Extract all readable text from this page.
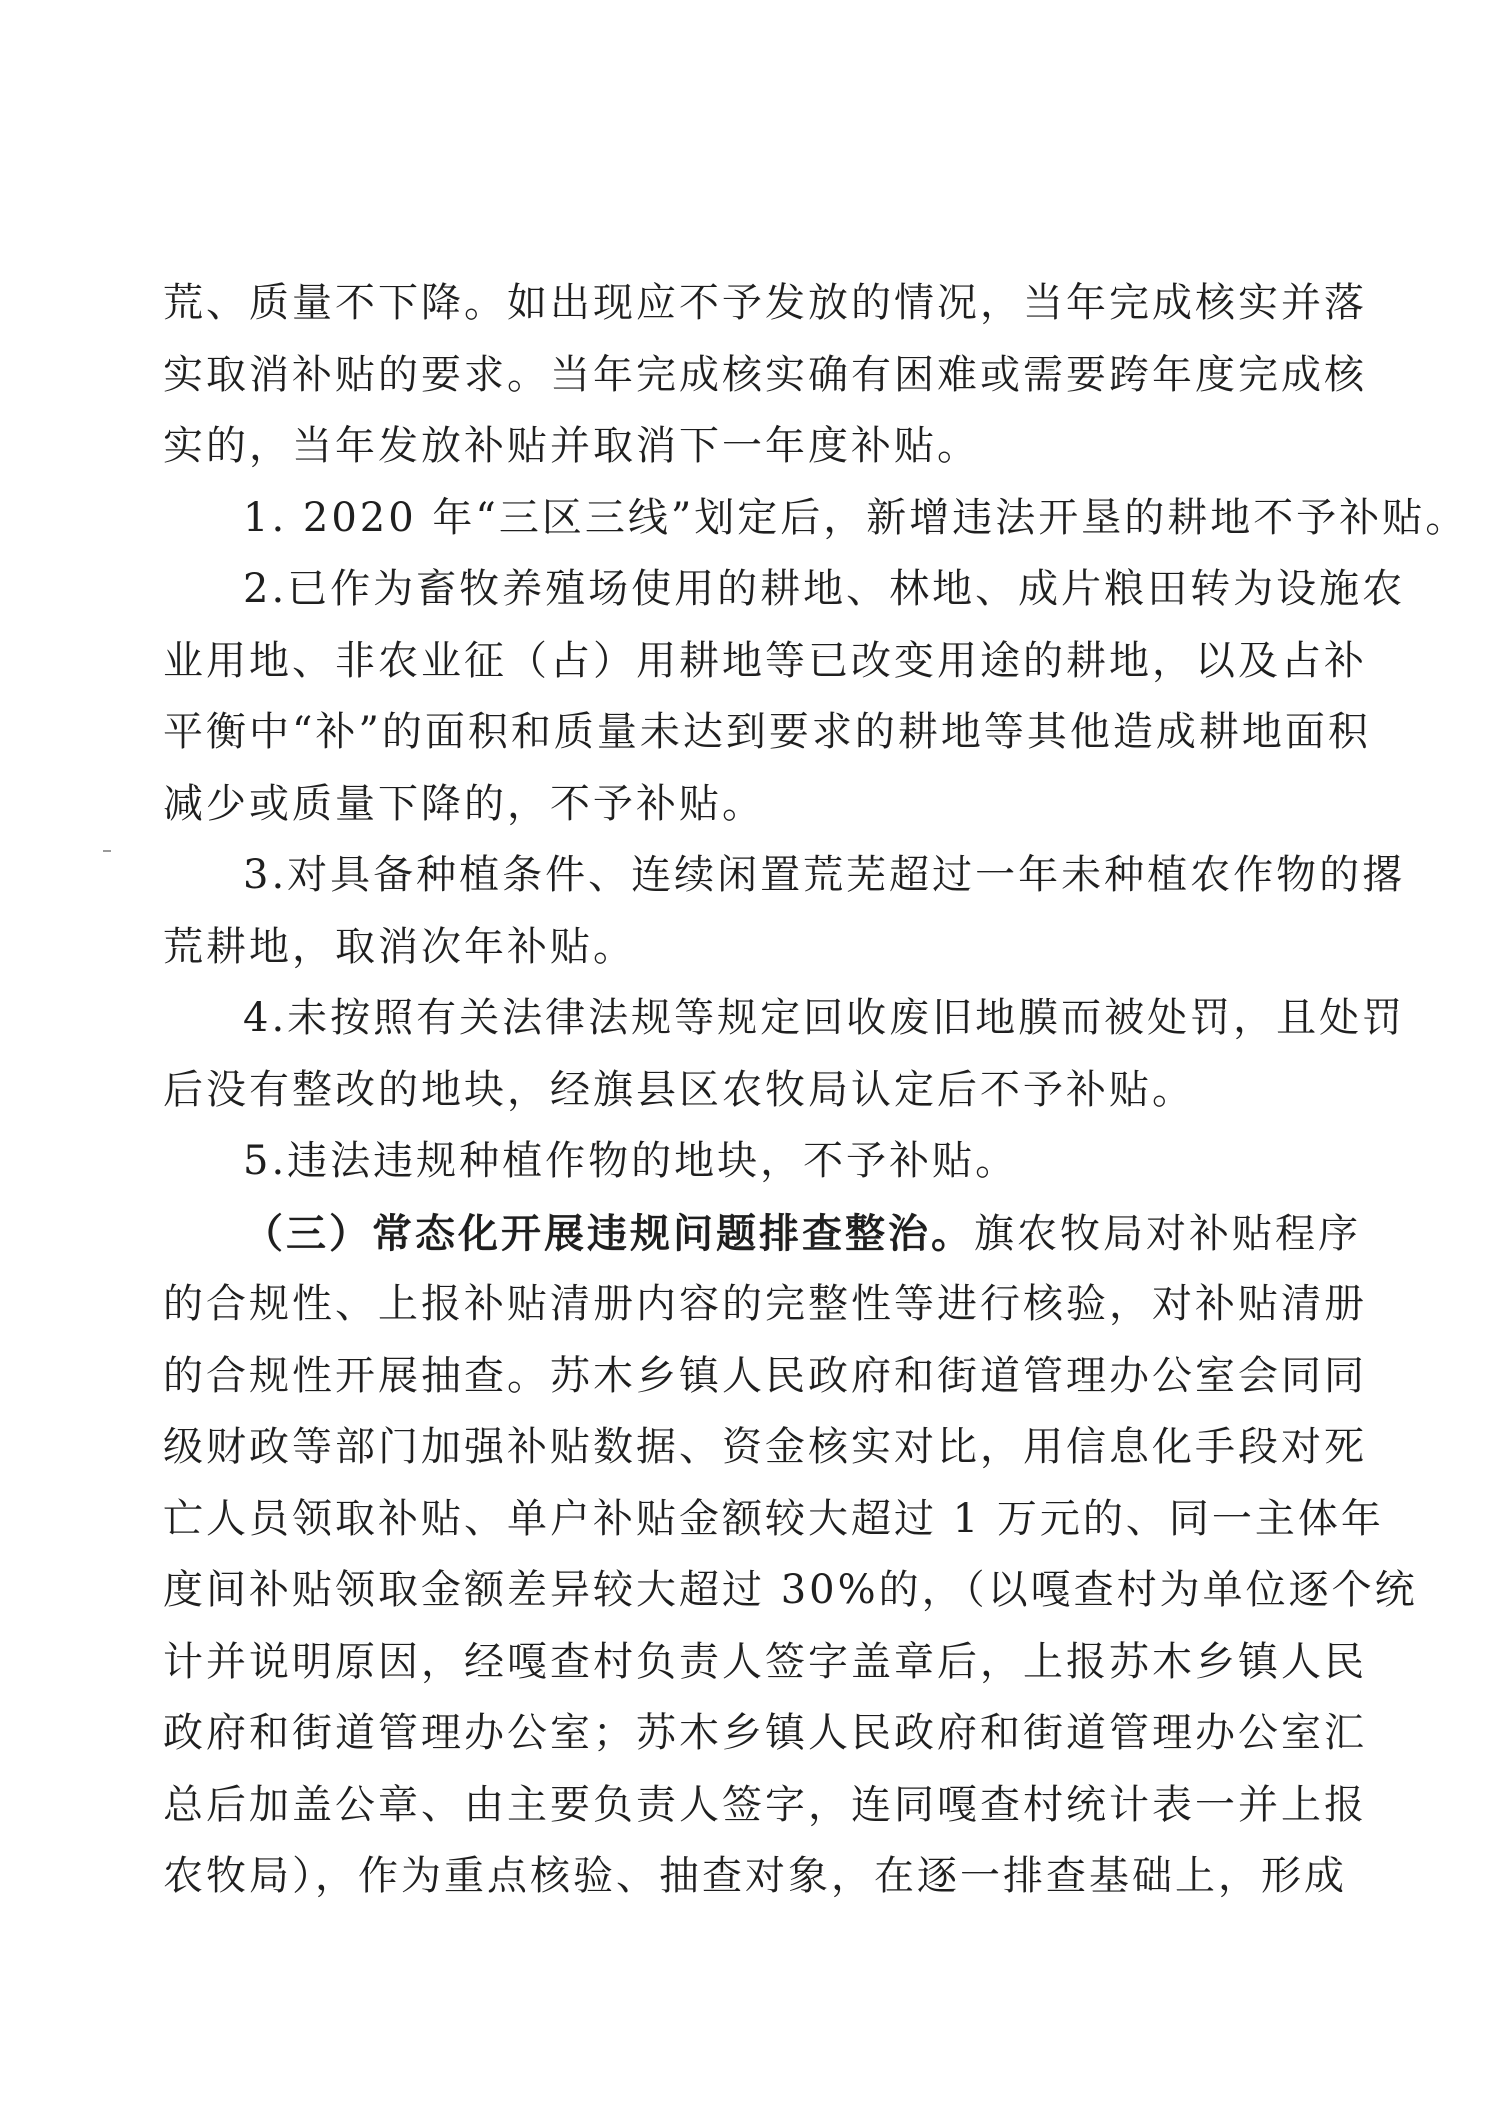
荒、质量不下降。如出现应不予发放的情况，当年完成核实并落
实取消补贴的要求。当年完成核实确有困难或需要跨年度完成核
实的，当年发放补贴并取消下一年度补贴。
1. 2020 年“三区三线”划定后，新增违法开垦的耕地不予补贴。
2.已作为畜牧养殖场使用的耕地、林地、成片粮田转为设施农
业用地、非农业征（占）用耕地等已改变用途的耕地，以及占补
平衡中“补”的面积和质量未达到要求的耕地等其他造成耕地面积
减少或质量下降的，不予补贴。
3.对具备种植条件、连续闲置荒芜超过一年未种植农作物的撂
荒耕地，取消次年补贴。
4.未按照有关法律法规等规定回收废旧地膜而被处罚，且处罚
后没有整改的地块，经旗县区农牧局认定后不予补贴。
5.违法违规种植作物的地块，不予补贴。
（三）常态化开展违规问题排查整治。旗农牧局对补贴程序
的合规性、上报补贴清册内容的完整性等进行核验，对补贴清册
的合规性开展抽查。苏木乡镇人民政府和街道管理办公室会同同
级财政等部门加强补贴数据、资金核实对比，用信息化手段对死
亡人员领取补贴、单户补贴金额较大超过 1 万元的、同一主体年
度间补贴领取金额差异较大超过 30%的，（以嘎查村为单位逐个统
计并说明原因，经嘎查村负责人签字盖章后，上报苏木乡镇人民
政府和街道管理办公室；苏木乡镇人民政府和街道管理办公室汇
总后加盖公章、由主要负责人签字，连同嘎查村统计表一并上报
农牧局），作为重点核验、抽查对象，在逐一排查基础上，形成
